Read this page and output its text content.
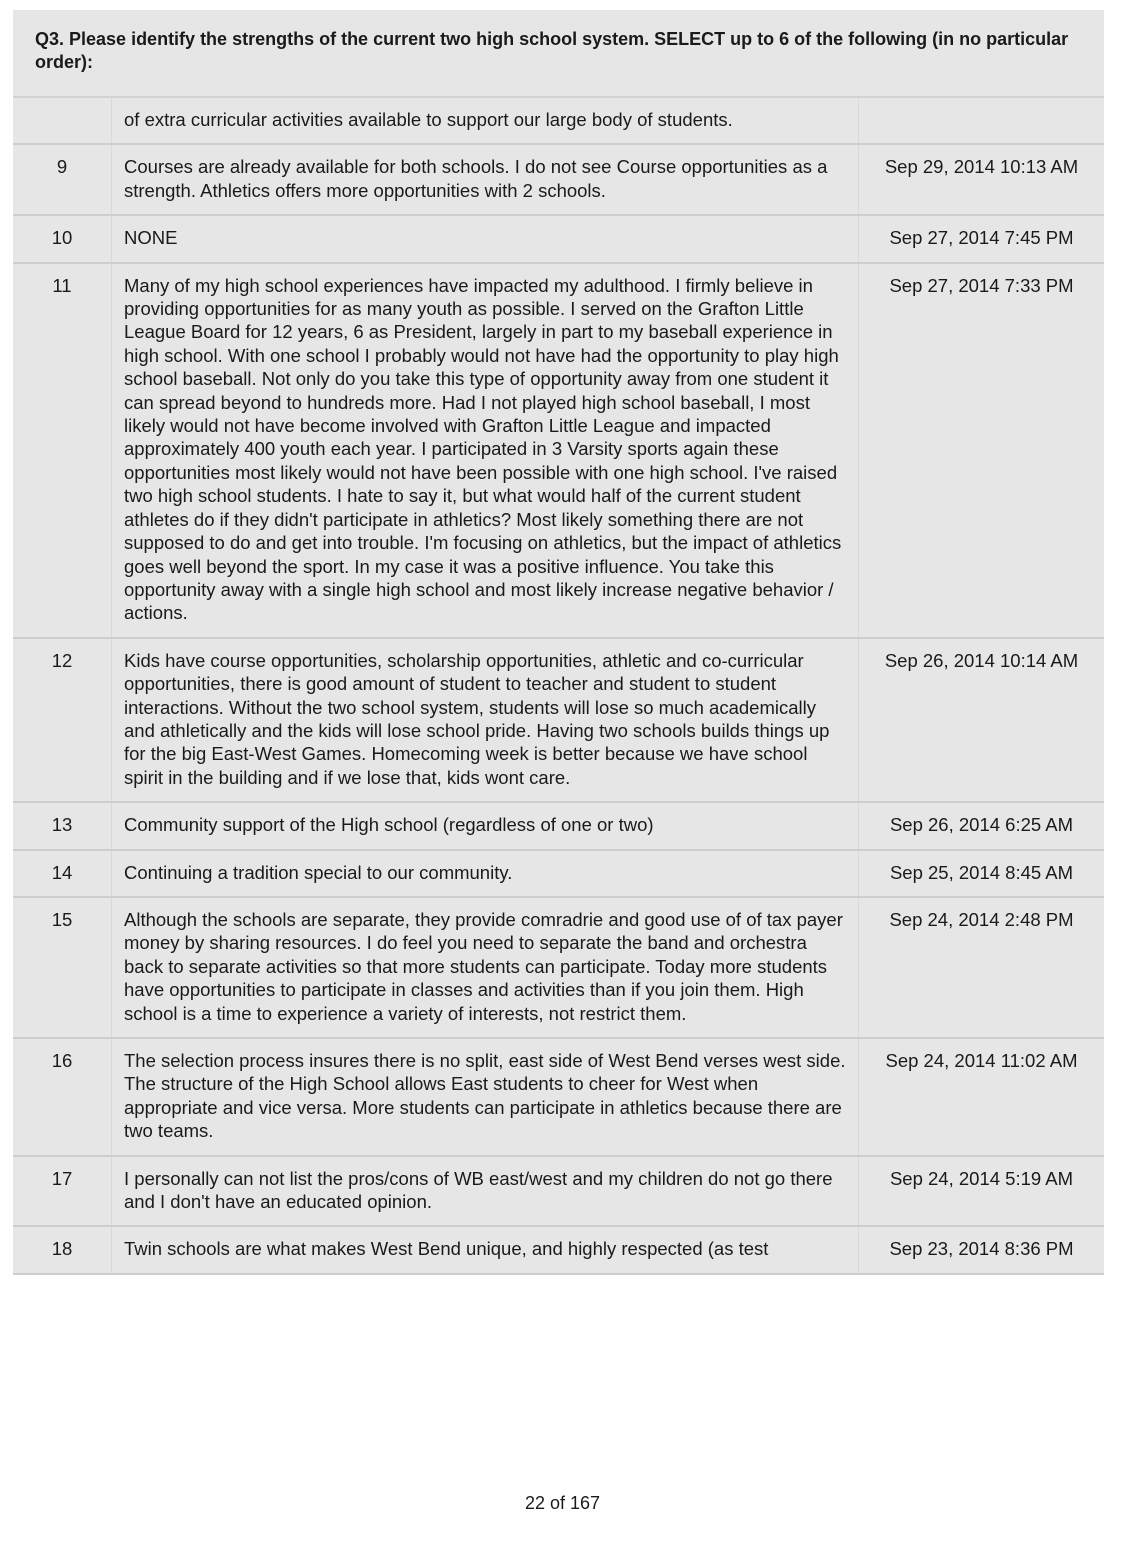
Q3. Please identify the strengths of the current two high school system. SELECT up to 6 of the following (in no particular order):
	of extra curricular activities available to support our large body of students.	
9	Courses are already available for both schools. I do not see Course opportunities as a strength. Athletics offers more opportunities with 2 schools.	Sep 29, 2014 10:13 AM
10	NONE	Sep 27, 2014 7:45 PM
11	Many of my high school experiences have impacted my adulthood. I firmly believe in providing opportunities for as many youth as possible. I served on the Grafton Little League Board for 12 years, 6 as President, largely in part to my baseball experience in high school. With one school I probably would not have had the opportunity to play high school baseball. Not only do you take this type of opportunity away from one student it can spread beyond to hundreds more. Had I not played high school baseball, I most likely would not have become involved with Grafton Little League and impacted approximately 400 youth each year. I participated in 3 Varsity sports again these opportunities most likely would not have been possible with one high school. I've raised two high school students. I hate to say it, but what would half of the current student athletes do if they didn't participate in athletics? Most likely something there are not supposed to do and get into trouble. I'm focusing on athletics, but the impact of athletics goes well beyond the sport. In my case it was a positive influence. You take this opportunity away with a single high school and most likely increase negative behavior / actions.	Sep 27, 2014 7:33 PM
12	Kids have course opportunities, scholarship opportunities, athletic and co-curricular opportunities, there is good amount of student to teacher and student to student interactions. Without the two school system, students will lose so much academically and athletically and the kids will lose school pride. Having two schools builds things up for the big East-West Games. Homecoming week is better because we have school spirit in the building and if we lose that, kids wont care.	Sep 26, 2014 10:14 AM
13	Community support of the High school (regardless of one or two)	Sep 26, 2014 6:25 AM
14	Continuing a tradition special to our community.	Sep 25, 2014 8:45 AM
15	Although the schools are separate, they provide comradrie and good use of of tax payer money by sharing resources. I do feel you need to separate the band and orchestra back to separate activities so that more students can participate. Today more students have opportunities to participate in classes and activities than if you join them. High school is a time to experience a variety of interests, not restrict them.	Sep 24, 2014 2:48 PM
16	The selection process insures there is no split, east side of West Bend verses west side. The structure of the High School allows East students to cheer for West when appropriate and vice versa. More students can participate in athletics because there are two teams.	Sep 24, 2014 11:02 AM
17	I personally can not list the pros/cons of WB east/west and my children do not go there and I don't have an educated opinion.	Sep 24, 2014 5:19 AM
18	Twin schools are what makes West Bend unique, and highly respected (as test	Sep 23, 2014 8:36 PM
22 of 167
